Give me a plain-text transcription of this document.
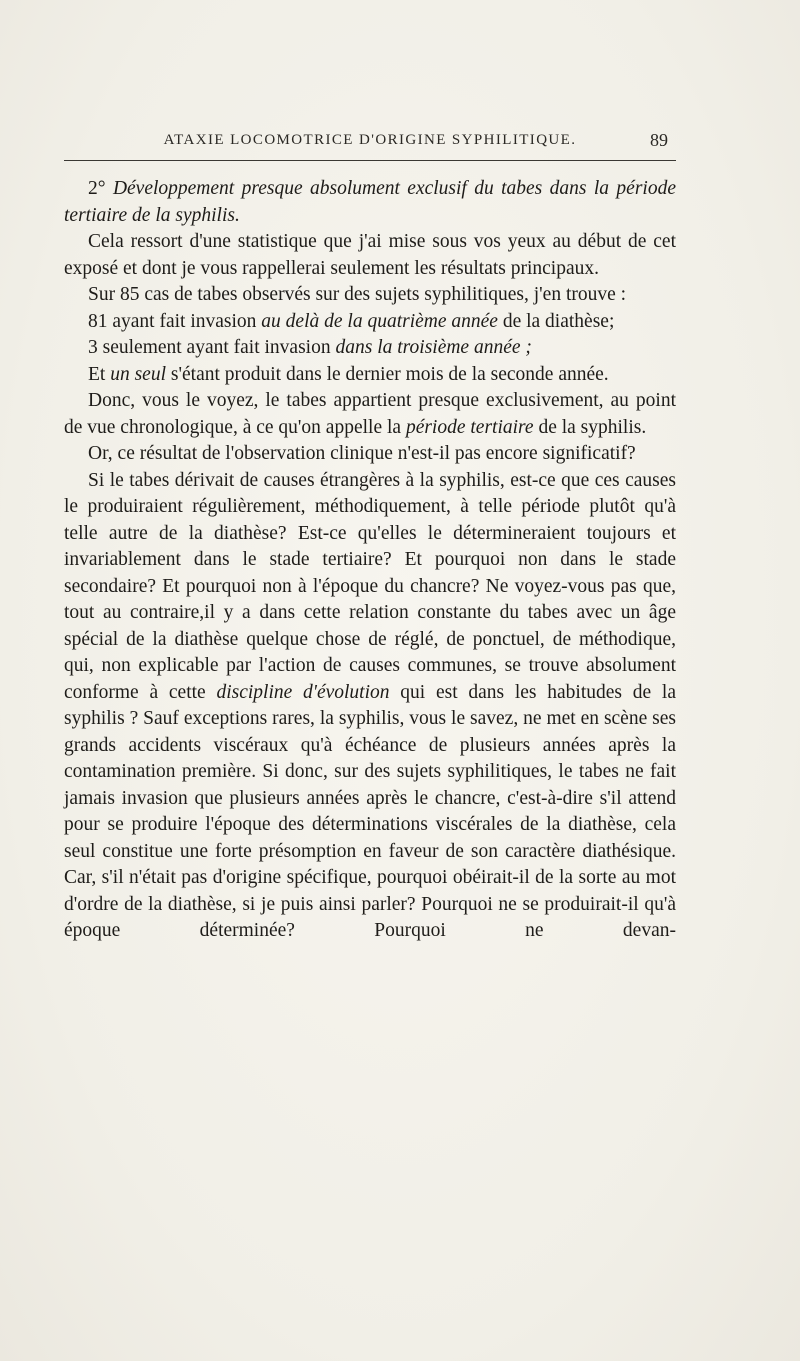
ATAXIE LOCOMOTRICE D'ORIGINE SYPHILITIQUE.	89

2° Développement presque absolument exclusif du tabes dans la période tertiaire de la syphilis.

Cela ressort d'une statistique que j'ai mise sous vos yeux au début de cet exposé et dont je vous rappellerai seulement les résultats principaux.

Sur 85 cas de tabes observés sur des sujets syphilitiques, j'en trouve :

81 ayant fait invasion au delà de la quatrième année de la diathèse;

3 seulement ayant fait invasion dans la troisième année ;

Et un seul s'étant produit dans le dernier mois de la seconde année.

Donc, vous le voyez, le tabes appartient presque exclusivement, au point de vue chronologique, à ce qu'on appelle la période tertiaire de la syphilis.

Or, ce résultat de l'observation clinique n'est-il pas encore significatif?

Si le tabes dérivait de causes étrangères à la syphilis, est-ce que ces causes le produiraient régulièrement, méthodiquement, à telle période plutôt qu'à telle autre de la diathèse? Est-ce qu'elles le détermineraient toujours et invariablement dans le stade tertiaire? Et pourquoi non dans le stade secondaire? Et pourquoi non à l'époque du chancre? Ne voyez-vous pas que, tout au contraire,il y a dans cette relation constante du tabes avec un âge spécial de la diathèse quelque chose de réglé, de ponctuel, de méthodique, qui, non explicable par l'action de causes communes, se trouve absolument conforme à cette discipline d'évolution qui est dans les habitudes de la syphilis ? Sauf exceptions rares, la syphilis, vous le savez, ne met en scène ses grands accidents viscéraux qu'à échéance de plusieurs années après la contamination première. Si donc, sur des sujets syphilitiques, le tabes ne fait jamais invasion que plusieurs années après le chancre, c'est-à-dire s'il attend pour se produire l'époque des déterminations viscérales de la diathèse, cela seul constitue une forte présomption en faveur de son caractère diathésique. Car, s'il n'était pas d'origine spécifique, pourquoi obéirait-il de la sorte au mot d'ordre de la diathèse, si je puis ainsi parler? Pourquoi ne se produirait-il qu'à époque déterminée? Pourquoi ne devan-
